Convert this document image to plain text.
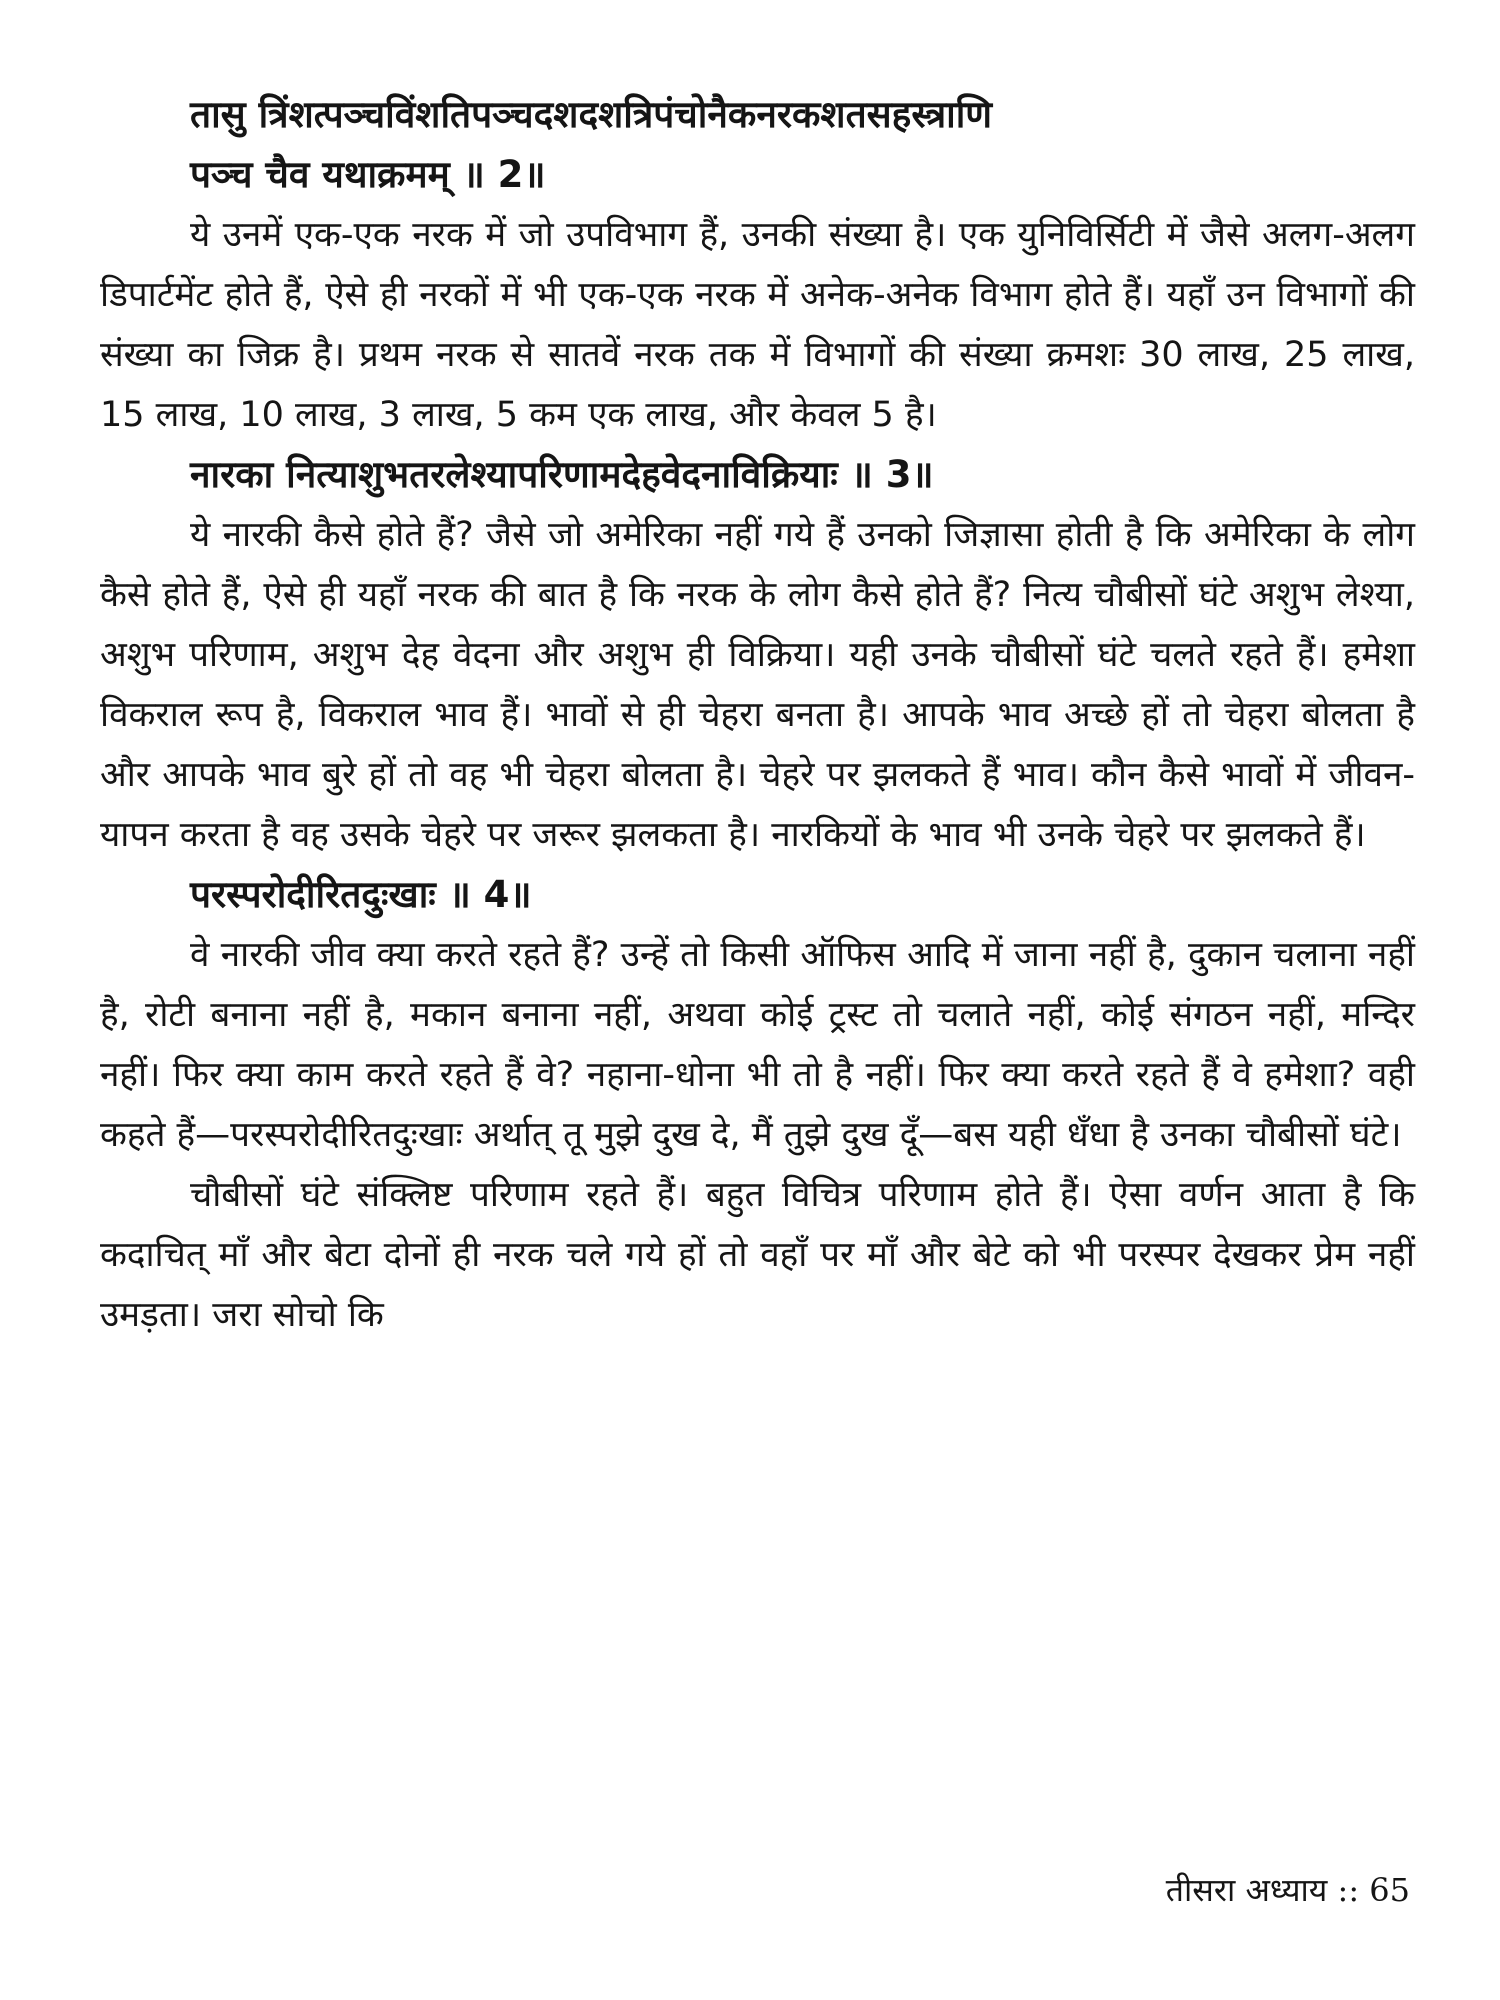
तासु त्रिंशत्पञ्चविंशतिपञ्चदशदशत्रिपंचोनैकनरकशतसहस्त्राणि

पञ्च चैव यथाक्रमम् ॥ 2॥

ये उनमें एक-एक नरक में जो उपविभाग हैं, उनकी संख्या है। एक युनिविर्सिटी में जैसे अलग-अलग डिपार्टमेंट होते हैं, ऐसे ही नरकों में भी एक-एक नरक में अनेक-अनेक विभाग होते हैं। यहाँ उन विभागों की संख्या का जिक्र है। प्रथम नरक से सातवें नरक तक में विभागों की संख्या क्रमशः 30 लाख, 25 लाख, 15 लाख, 10 लाख, 3 लाख, 5 कम एक लाख, और केवल 5 है।

नारका नित्याशुभतरलेश्यापरिणामदेहवेदनाविक्रियाः ॥ 3॥

ये नारकी कैसे होते हैं? जैसे जो अमेरिका नहीं गये हैं उनको जिज्ञासा होती है कि अमेरिका के लोग कैसे होते हैं, ऐसे ही यहाँ नरक की बात है कि नरक के लोग कैसे होते हैं? नित्य चौबीसों घंटे अशुभ लेश्या, अशुभ परिणाम, अशुभ देह वेदना और अशुभ ही विक्रिया। यही उनके चौबीसों घंटे चलते रहते हैं। हमेशा विकराल रूप है, विकराल भाव हैं। भावों से ही चेहरा बनता है। आपके भाव अच्छे हों तो चेहरा बोलता है और आपके भाव बुरे हों तो वह भी चेहरा बोलता है। चेहरे पर झलकते हैं भाव। कौन कैसे भावों में जीवन-यापन करता है वह उसके चेहरे पर जरूर झलकता है। नारकियों के भाव भी उनके चेहरे पर झलकते हैं।

परस्परोदीरितदुःखाः ॥ 4॥

वे नारकी जीव क्या करते रहते हैं? उन्हें तो किसी ऑफिस आदि में जाना नहीं है, दुकान चलाना नहीं है, रोटी बनाना नहीं है, मकान बनाना नहीं, अथवा कोई ट्रस्ट तो चलाते नहीं, कोई संगठन नहीं, मन्दिर नहीं। फिर क्या काम करते रहते हैं वे? नहाना-धोना भी तो है नहीं। फिर क्या करते रहते हैं वे हमेशा? वही कहते हैं—परस्परोदीरितदुःखाः अर्थात् तू मुझे दुख दे, मैं तुझे दुख दूँ—बस यही धँधा है उनका चौबीसों घंटे।

चौबीसों घंटे संक्लिष्ट परिणाम रहते हैं। बहुत विचित्र परिणाम होते हैं। ऐसा वर्णन आता है कि कदाचित् माँ और बेटा दोनों ही नरक चले गये हों तो वहाँ पर माँ और बेटे को भी परस्पर देखकर प्रेम नहीं उमड़ता। जरा सोचो कि

तीसरा अध्याय :: 65
